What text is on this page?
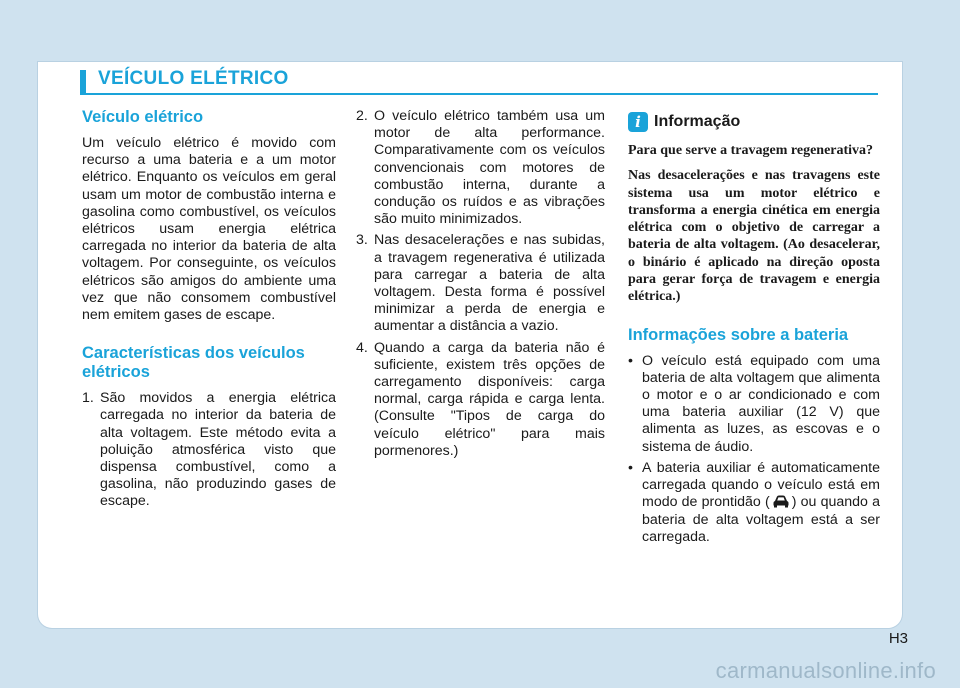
VEÍCULO ELÉTRICO
Veículo elétrico

Um veículo elétrico é movido com recurso a uma bateria e a um motor elétrico. Enquanto os veículos em geral usam um motor de combustão interna e gasolina como combustível, os veículos elétricos usam energia elétrica carregada no interior da bateria de alta voltagem. Por conseguinte, os veículos elétricos são amigos do ambiente uma vez que não consomem combustível nem emitem gases de escape.

Características dos veículos elétricos
1. São movidos a energia elétrica carregada no interior da bateria de alta voltagem. Este método evita a poluição atmosférica visto que dispensa combustível, como a gasolina, não produzindo gases de escape.
2. O veículo elétrico também usa um motor de alta performance. Comparativamente com os veículos convencionais com motores de combustão interna, durante a condução os ruídos e as vibrações são muito minimizados.
3. Nas desacelerações e nas subidas, a travagem regenerativa é utilizada para carregar a bateria de alta voltagem. Desta forma é possível minimizar a perda de energia e aumentar a distância a vazio.
4. Quando a carga da bateria não é suficiente, existem três opções de carregamento disponíveis: carga normal, carga rápida e carga lenta. (Consulte "Tipos de carga do veículo elétrico" para mais pormenores.)
i Informação

Para que serve a travagem regenerativa?

Nas desacelerações e nas travagens este sistema usa um motor elétrico e transforma a energia cinética em energia elétrica com o objetivo de carregar a bateria de alta voltagem. (Ao desacelerar, o binário é aplicado na direção oposta para gerar força de travagem e energia elétrica.)

Informações sobre a bateria
• O veículo está equipado com uma bateria de alta voltagem que alimenta o motor e o ar condicionado e com uma bateria auxiliar (12 V) que alimenta as luzes, as escovas e o sistema de áudio.
• A bateria auxiliar é automaticamente carregada quando o veículo está em modo de prontidão ( ) ou quando a bateria de alta voltagem está a ser carregada.
H3
carmanualsonline.info
